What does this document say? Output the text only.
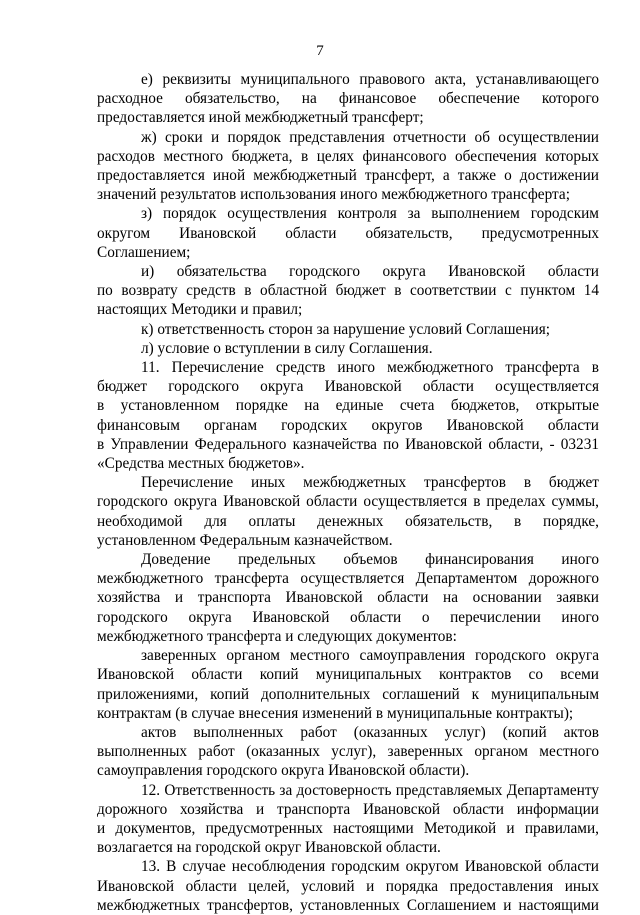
7

е) реквизиты муниципального правового акта, устанавливающего
расходное обязательство, на финансовое обеспечение которого
предоставляется иной межбюджетный трансферт;

ж) сроки и порядок представления отчетности об осуществлении
расходов местного бюджета, в целях финансового обеспечения которых
предоставляется иной межбюджетный трансферт, а также о достижении
значений результатов использования иного межбюджетного трансферта;

з) порядок осуществления контроля за выполнением городским
округом Ивановской области обязательств, предусмотренных
Соглашением;

и) обязательства городского округа Ивановской области
по возврату средств в областной бюджет в соответствии с пунктом 14
настоящих Методики и правил;

к) ответственность сторон за нарушение условий Соглашения;

л) условие о вступлении в силу Соглашения.

11. Перечисление средств иного межбюджетного трансферта в
бюджет городского округа Ивановской области осуществляется
в установленном порядке на единые счета бюджетов, открытые
финансовым органам городских округов Ивановской области
в Управлении Федерального казначейства по Ивановской области, - 03231
«Средства местных бюджетов».

Перечисление иных межбюджетных трансфертов в бюджет
городского округа Ивановской области осуществляется в пределах суммы,
необходимой для оплаты денежных обязательств, в порядке,
установленном Федеральным казначейством.

Доведение предельных объемов финансирования иного
межбюджетного трансферта осуществляется Департаментом дорожного
хозяйства и транспорта Ивановской области на основании заявки
городского округа Ивановской области о перечислении иного
межбюджетного трансферта и следующих документов:

заверенных органом местного самоуправления городского округа
Ивановской области копий муниципальных контрактов со всеми
приложениями, копий дополнительных соглашений к муниципальным
контрактам (в случае внесения изменений в муниципальные контракты);

актов выполненных работ (оказанных услуг) (копий актов
выполненных работ (оказанных услуг), заверенных органом местного
самоуправления городского округа Ивановской области).

12. Ответственность за достоверность представляемых Департаменту
дорожного хозяйства и транспорта Ивановской области информации
и документов, предусмотренных настоящими Методикой и правилами,
возлагается на городской округ Ивановской области.

13. В случае несоблюдения городским округом Ивановской области
Ивановской области целей, условий и порядка предоставления иных
межбюджетных трансфертов, установленных Соглашением и настоящими
